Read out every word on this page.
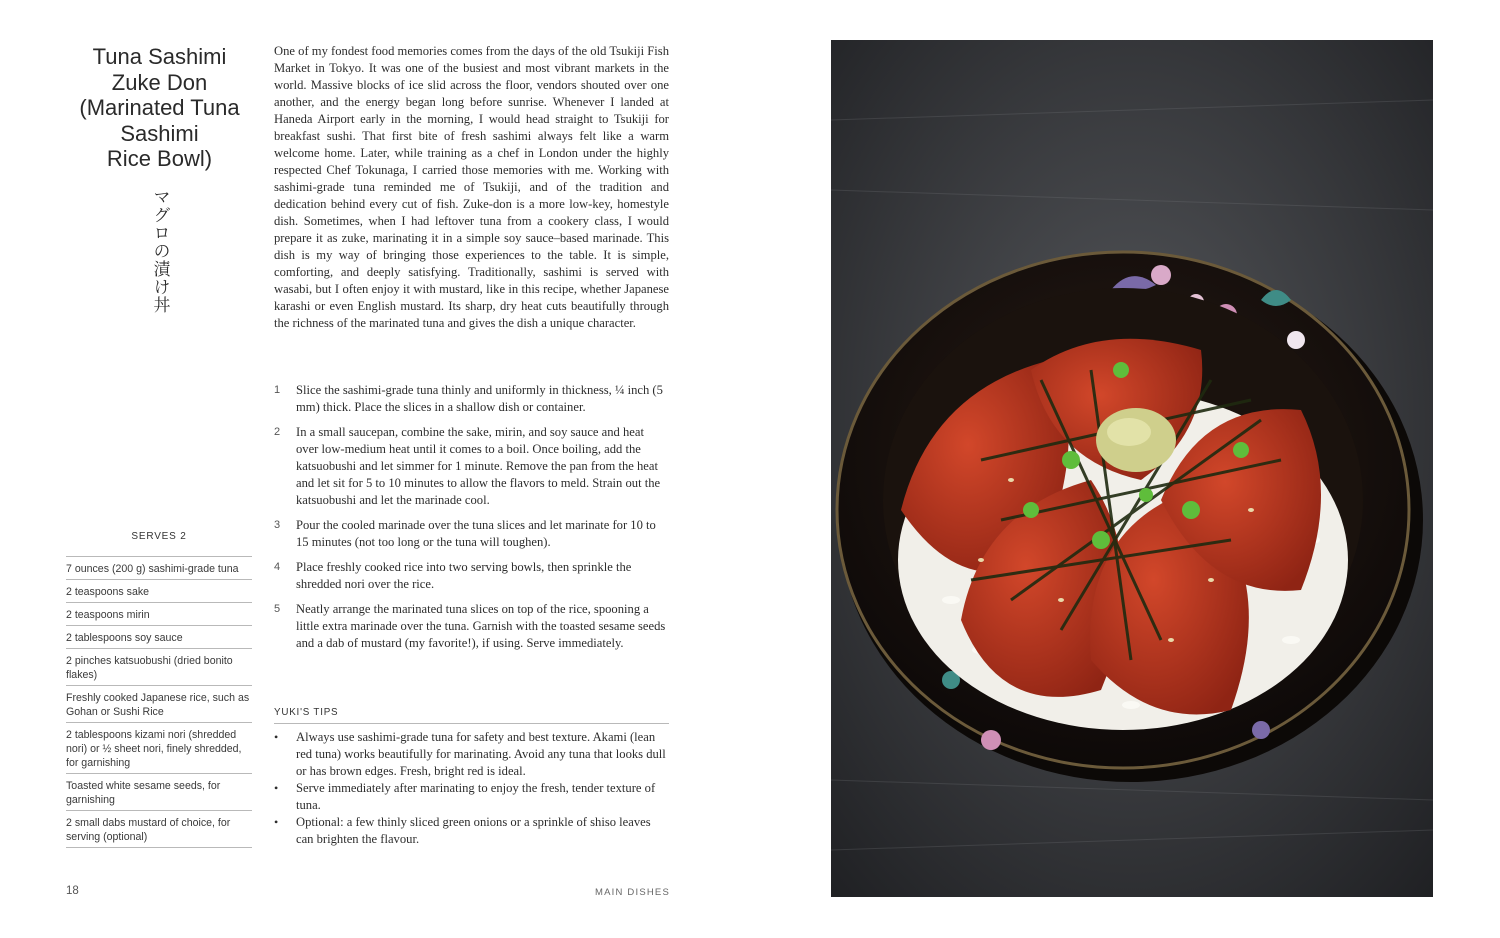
Tuna Sashimi
Zuke Don
(Marinated Tuna
Sashimi
Rice Bowl)
マグロの漬け丼
SERVES 2
7 ounces (200 g) sashimi-grade tuna
2 teaspoons sake
2 teaspoons mirin
2 tablespoons soy sauce
2 pinches katsuobushi (dried bonito flakes)
Freshly cooked Japanese rice, such as Gohan or Sushi Rice
2 tablespoons kizami nori (shredded nori) or ½ sheet nori, finely shredded, for garnishing
Toasted white sesame seeds, for garnishing
2 small dabs mustard of choice, for serving (optional)

One of my fondest food memories comes from the days of the old Tsukiji Fish Market in Tokyo. It was one of the busiest and most vibrant markets in the world. Massive blocks of ice slid across the floor, vendors shouted over one another, and the energy began long before sunrise. Whenever I landed at Haneda Airport early in the morning, I would head straight to Tsukiji for breakfast sushi. That first bite of fresh sashimi always felt like a warm welcome home. Later, while training as a chef in London under the highly respected Chef Tokunaga, I carried those memories with me. Working with sashimi-grade tuna reminded me of Tsukiji, and of the tradition and dedication behind every cut of fish. Zuke-don is a more low-key, homestyle dish. Sometimes, when I had leftover tuna from a cookery class, I would prepare it as zuke, marinating it in a simple soy sauce–based marinade. This dish is my way of bringing those experiences to the table. It is simple, comforting, and deeply satisfying. Traditionally, sashimi is served with wasabi, but I often enjoy it with mustard, like in this recipe, whether Japanese karashi or even English mustard. Its sharp, dry heat cuts beautifully through the richness of the marinated tuna and gives the dish a unique character.

1 Slice the sashimi-grade tuna thinly and uniformly in thickness, ¼ inch (5 mm) thick. Place the slices in a shallow dish or container.
2 In a small saucepan, combine the sake, mirin, and soy sauce and heat over low-medium heat until it comes to a boil. Once boiling, add the katsuobushi and let simmer for 1 minute. Remove the pan from the heat and let sit for 5 to 10 minutes to allow the flavors to meld. Strain out the katsuobushi and let the marinade cool.
3 Pour the cooled marinade over the tuna slices and let marinate for 10 to 15 minutes (not too long or the tuna will toughen).
4 Place freshly cooked rice into two serving bowls, then sprinkle the shredded nori over the rice.
5 Neatly arrange the marinated tuna slices on top of the rice, spooning a little extra marinade over the tuna. Garnish with the toasted sesame seeds and a dab of mustard (my favorite!), if using. Serve immediately.
YUKI'S TIPS
• Always use sashimi-grade tuna for safety and best texture. Akami (lean red tuna) works beautifully for marinating. Avoid any tuna that looks dull or has brown edges. Fresh, bright red is ideal.
• Serve immediately after marinating to enjoy the fresh, tender texture of tuna.
• Optional: a few thinly sliced green onions or a sprinkle of shiso leaves can brighten the flavour.
18	MAIN DISHES
